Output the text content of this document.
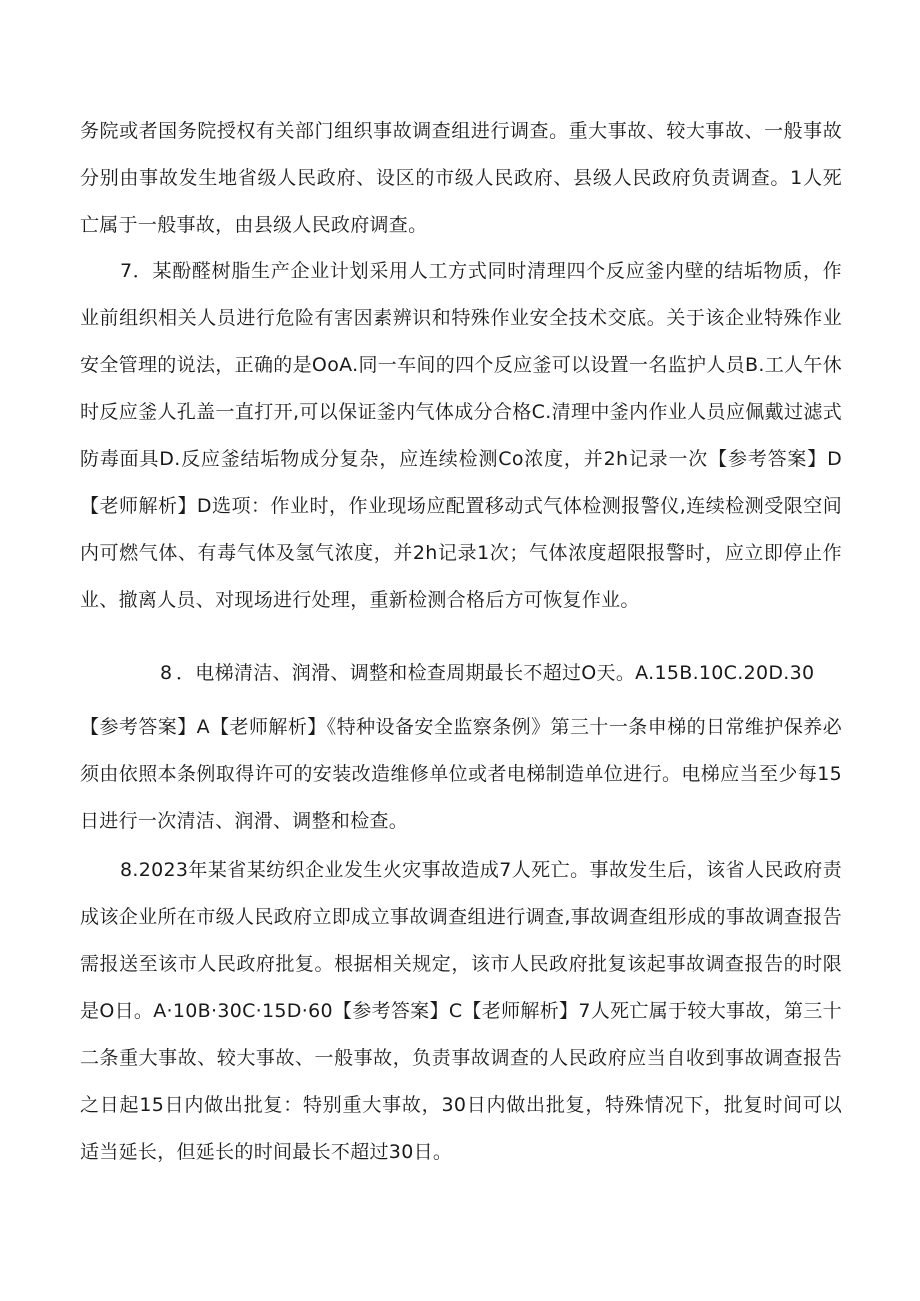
务院或者国务院授权有关部门组织事故调查组进行调查。重大事故、较大事故、一般事故分别由事故发生地省级人民政府、设区的市级人民政府、县级人民政府负责调查。1人死亡属于一般事故，由县级人民政府调查。

7．某酚醛树脂生产企业计划采用人工方式同时清理四个反应釜内壁的结垢物质，作业前组织相关人员进行危险有害因素辨识和特殊作业安全技术交底。关于该企业特殊作业安全管理的说法，正确的是OoA.同一车间的四个反应釜可以设置一名监护人员B.工人午休时反应釜人孔盖一直打开,可以保证釜内气体成分合格C.清理中釜内作业人员应佩戴过滤式防毒面具D.反应釜结垢物成分复杂，应连续检测Co浓度，并2h记录一次【参考答案】D【老师解析】D选项：作业时，作业现场应配置移动式气体检测报警仪,连续检测受限空间内可燃气体、有毒气体及氢气浓度，并2h记录1次；气体浓度超限报警时，应立即停止作业、撤离人员、对现场进行处理，重新检测合格后方可恢复作业。

8 ．电梯清洁、润滑、调整和检查周期最长不超过O天。A.15B.10C.20D.30

【参考答案】A【老师解析】《特种设备安全监察条例》第三十一条申梯的日常维护保养必须由依照本条例取得许可的安装改造维修单位或者电梯制造单位进行。电梯应当至少每15日进行一次清洁、润滑、调整和检查。

8.2023年某省某纺织企业发生火灾事故造成7人死亡。事故发生后，该省人民政府责成该企业所在市级人民政府立即成立事故调查组进行调查,事故调查组形成的事故调查报告需报送至该市人民政府批复。根据相关规定，该市人民政府批复该起事故调查报告的时限是O日。A·10B·30C·15D·60【参考答案】C【老师解析】7人死亡属于较大事故，第三十二条重大事故、较大事故、一般事故，负责事故调查的人民政府应当自收到事故调查报告之日起15日内做出批复：特别重大事故，30日内做出批复，特殊情况下，批复时间可以适当延长，但延长的时间最长不超过30日。
